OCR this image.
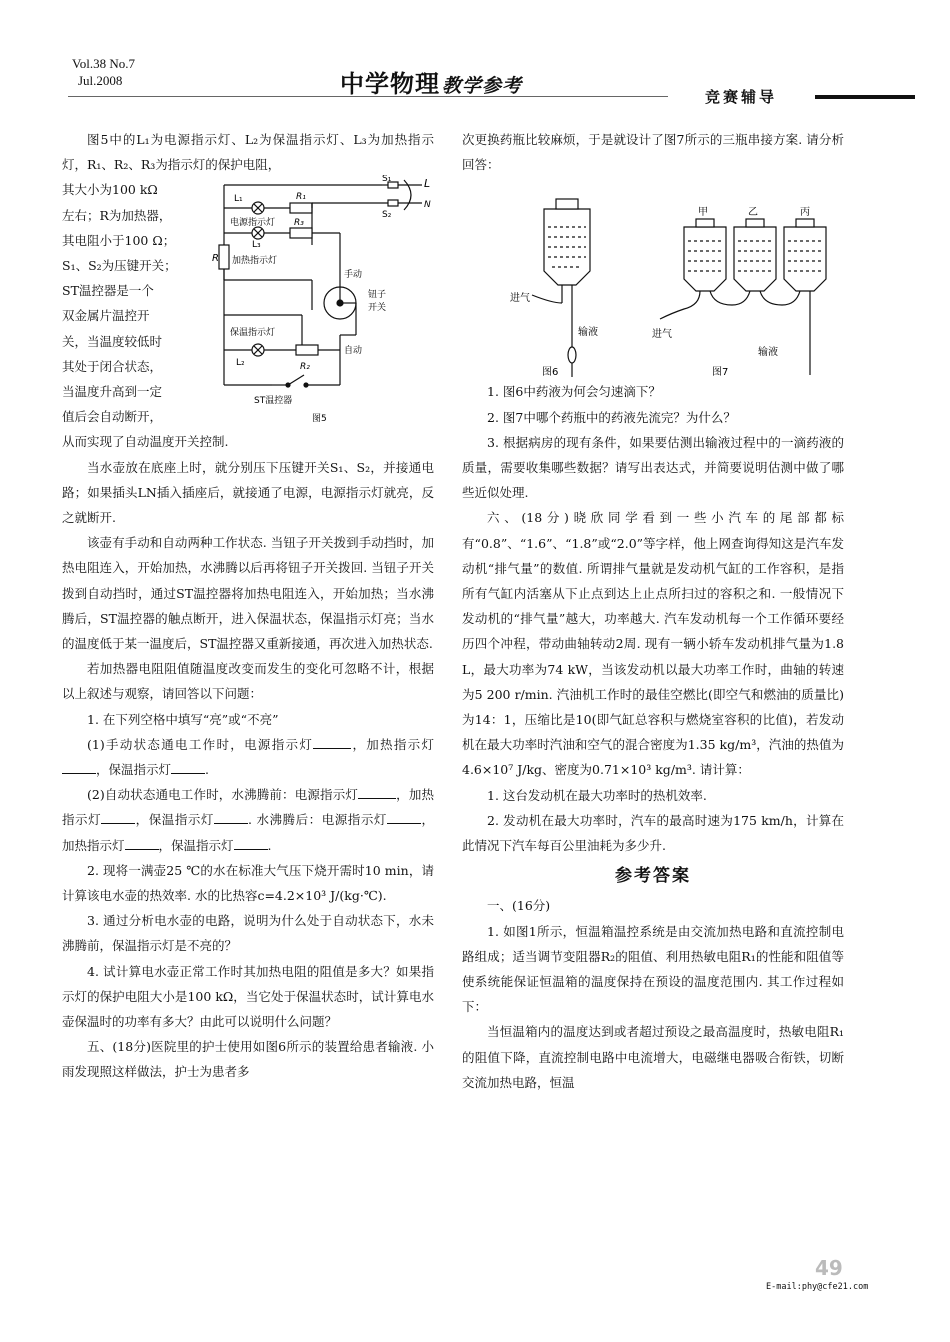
Vol.38 No.7
Jul.2008	中学物理 教学参考	竞赛辅导

图5中的L₁为电源指示灯、L₂为保温指示灯、L₃为加热指示灯，R₁、R₂、R₃为指示灯的保护电阻，

其大小为100 kΩ
左右；R为加热器，
其电阻小于100 Ω；
S₁、S₂为压键开关；
ST温控器是一个
双金属片温控开
关，当温度较低时
其处于闭合状态，
当温度升高到一定
值后会自动断开，
S₁	L
N
S₂
L₁	R₁
电源指示灯 R₃
L₃
加热指示灯
R
手动
钮子
开关
保温指示灯
L₂	R₂
自动
ST温控器
图5

从而实现了自动温度开关控制.

当水壶放在底座上时，就分别压下压键开关S₁、S₂，并接通电路；如果插头LN插入插座后，就接通了电源，电源指示灯就亮，反之就断开.

该壶有手动和自动两种工作状态. 当钮子开关拨到手动挡时，加热电阻连入，开始加热，水沸腾以后再将钮子开关拨回. 当钮子开关拨到自动挡时，通过ST温控器将加热电阻连入，开始加热；当水沸腾后，ST温控器的触点断开，进入保温状态，保温指示灯亮；当水的温度低于某一温度后，ST温控器又重新接通，再次进入加热状态.

若加热器电阻阻值随温度改变而发生的变化可忽略不计，根据以上叙述与观察，请回答以下问题：

1. 在下列空格中填写“亮”或“不亮”

(1)手动状态通电工作时，电源指示灯	，加热指示灯，保温指示灯	.

(2)自动状态通电工作时，水沸腾前：电源指示灯	，加热指示灯	，保温指示灯	. 水沸腾后：电源指示灯	，加热指示灯	，保温指示灯	.

2. 现将一满壶25 ℃的水在标准大气压下烧开需时10 min，请计算该电水壶的热效率. 水的比热容c=4.2×10³ J/(kg·℃).

3. 通过分析电水壶的电路，说明为什么处于自动状态下，水未沸腾前，保温指示灯是不亮的？

4. 试计算电水壶正常工作时其加热电阻的阻值是多大？如果指示灯的保护电阻大小是100 kΩ，当它处于保温状态时，试计算电水壶保温时的功率有多大？由此可以说明什么问题？

五、(18分)医院里的护士使用如图6所示的装置给患者输液. 小雨发现照这样做法，护士为患者多

次更换药瓶比较麻烦，于是就设计了图7所示的三瓶串接方案. 请分析回答：

进气
输液
甲	乙	丙
进气
输液
图6	图7

1. 图6中药液为何会匀速滴下？

2. 图7中哪个药瓶中的药液先流完？为什么？

3. 根据病房的现有条件，如果要估测出输液过程中的一滴药液的质量，需要收集哪些数据？请写出表达式，并简要说明估测中做了哪些近似处理.

六、(18分)晓欣同学看到一些小汽车的尾部都标有“0.8”、“1.6”、“1.8”或“2.0”等字样，他上网查询得知这是汽车发动机“排气量”的数值. 所谓排气量就是发动机气缸的工作容积，是指所有气缸内活塞从下止点到达上止点所扫过的容积之和. 一般情况下发动机的“排气量”越大，功率越大. 汽车发动机每一个工作循环要经历四个冲程，带动曲轴转动2周. 现有一辆小轿车发动机排气量为1.8 L，最大功率为74 kW，当该发动机以最大功率工作时，曲轴的转速为5 200 r/min. 汽油机工作时的最佳空燃比(即空气和燃油的质量比)为14：1，压缩比是10(即气缸总容积与燃烧室容积的比值)，若发动机在最大功率时汽油和空气的混合密度为1.35 kg/m³，汽油的热值为4.6×10⁷ J/kg、密度为0.71×10³ kg/m³. 请计算：

1. 这台发动机在最大功率时的热机效率.

2. 发动机在最大功率时，汽车的最高时速为175 km/h，计算在此情况下汽车每百公里油耗为多少升.

参考答案

一、(16分)

1. 如图1所示，恒温箱温控系统是由交流加热电路和直流控制电路组成；适当调节变阻器R₂的阻值、利用热敏电阻R₁的性能和阻值等使系统能保证恒温箱的温度保持在预设的温度范围内. 其工作过程如下：

当恒温箱内的温度达到或者超过预设之最高温度时，热敏电阻R₁的阻值下降，直流控制电路中电流增大，电磁继电器吸合衔铁，切断交流加热电路，恒温

49
E-mail:phy@cfe21.com
